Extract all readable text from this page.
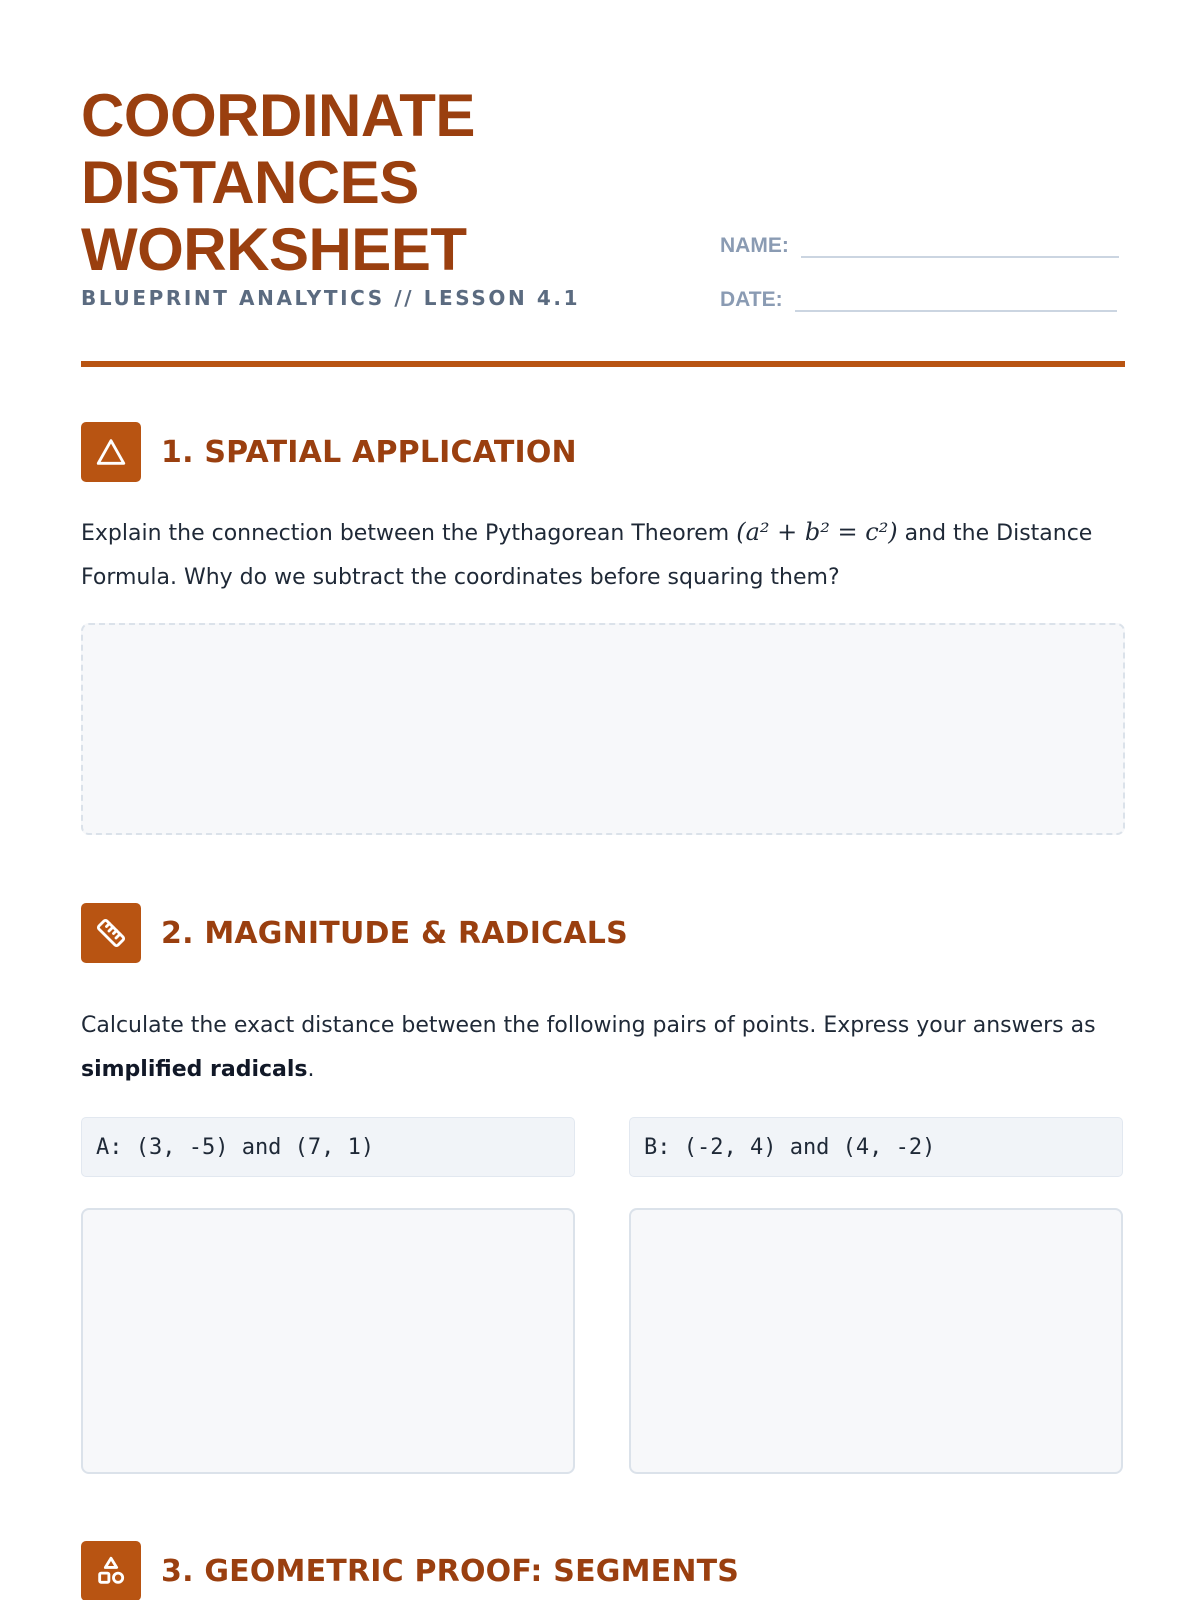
COORDINATE
DISTANCES
WORKSHEET
BLUEPRINT ANALYTICS // LESSON 4.1
NAME:
DATE:
1. SPATIAL APPLICATION
Explain the connection between the Pythagorean Theorem (a² + b² = c²) and the Distance Formula. Why do we subtract the coordinates before squaring them?
2. MAGNITUDE & RADICALS
Calculate the exact distance between the following pairs of points. Express your answers as simplified radicals.
A: (3, -5) and (7, 1)	B: (-2, 4) and (4, -2)
3. GEOMETRIC PROOF: SEGMENTS
